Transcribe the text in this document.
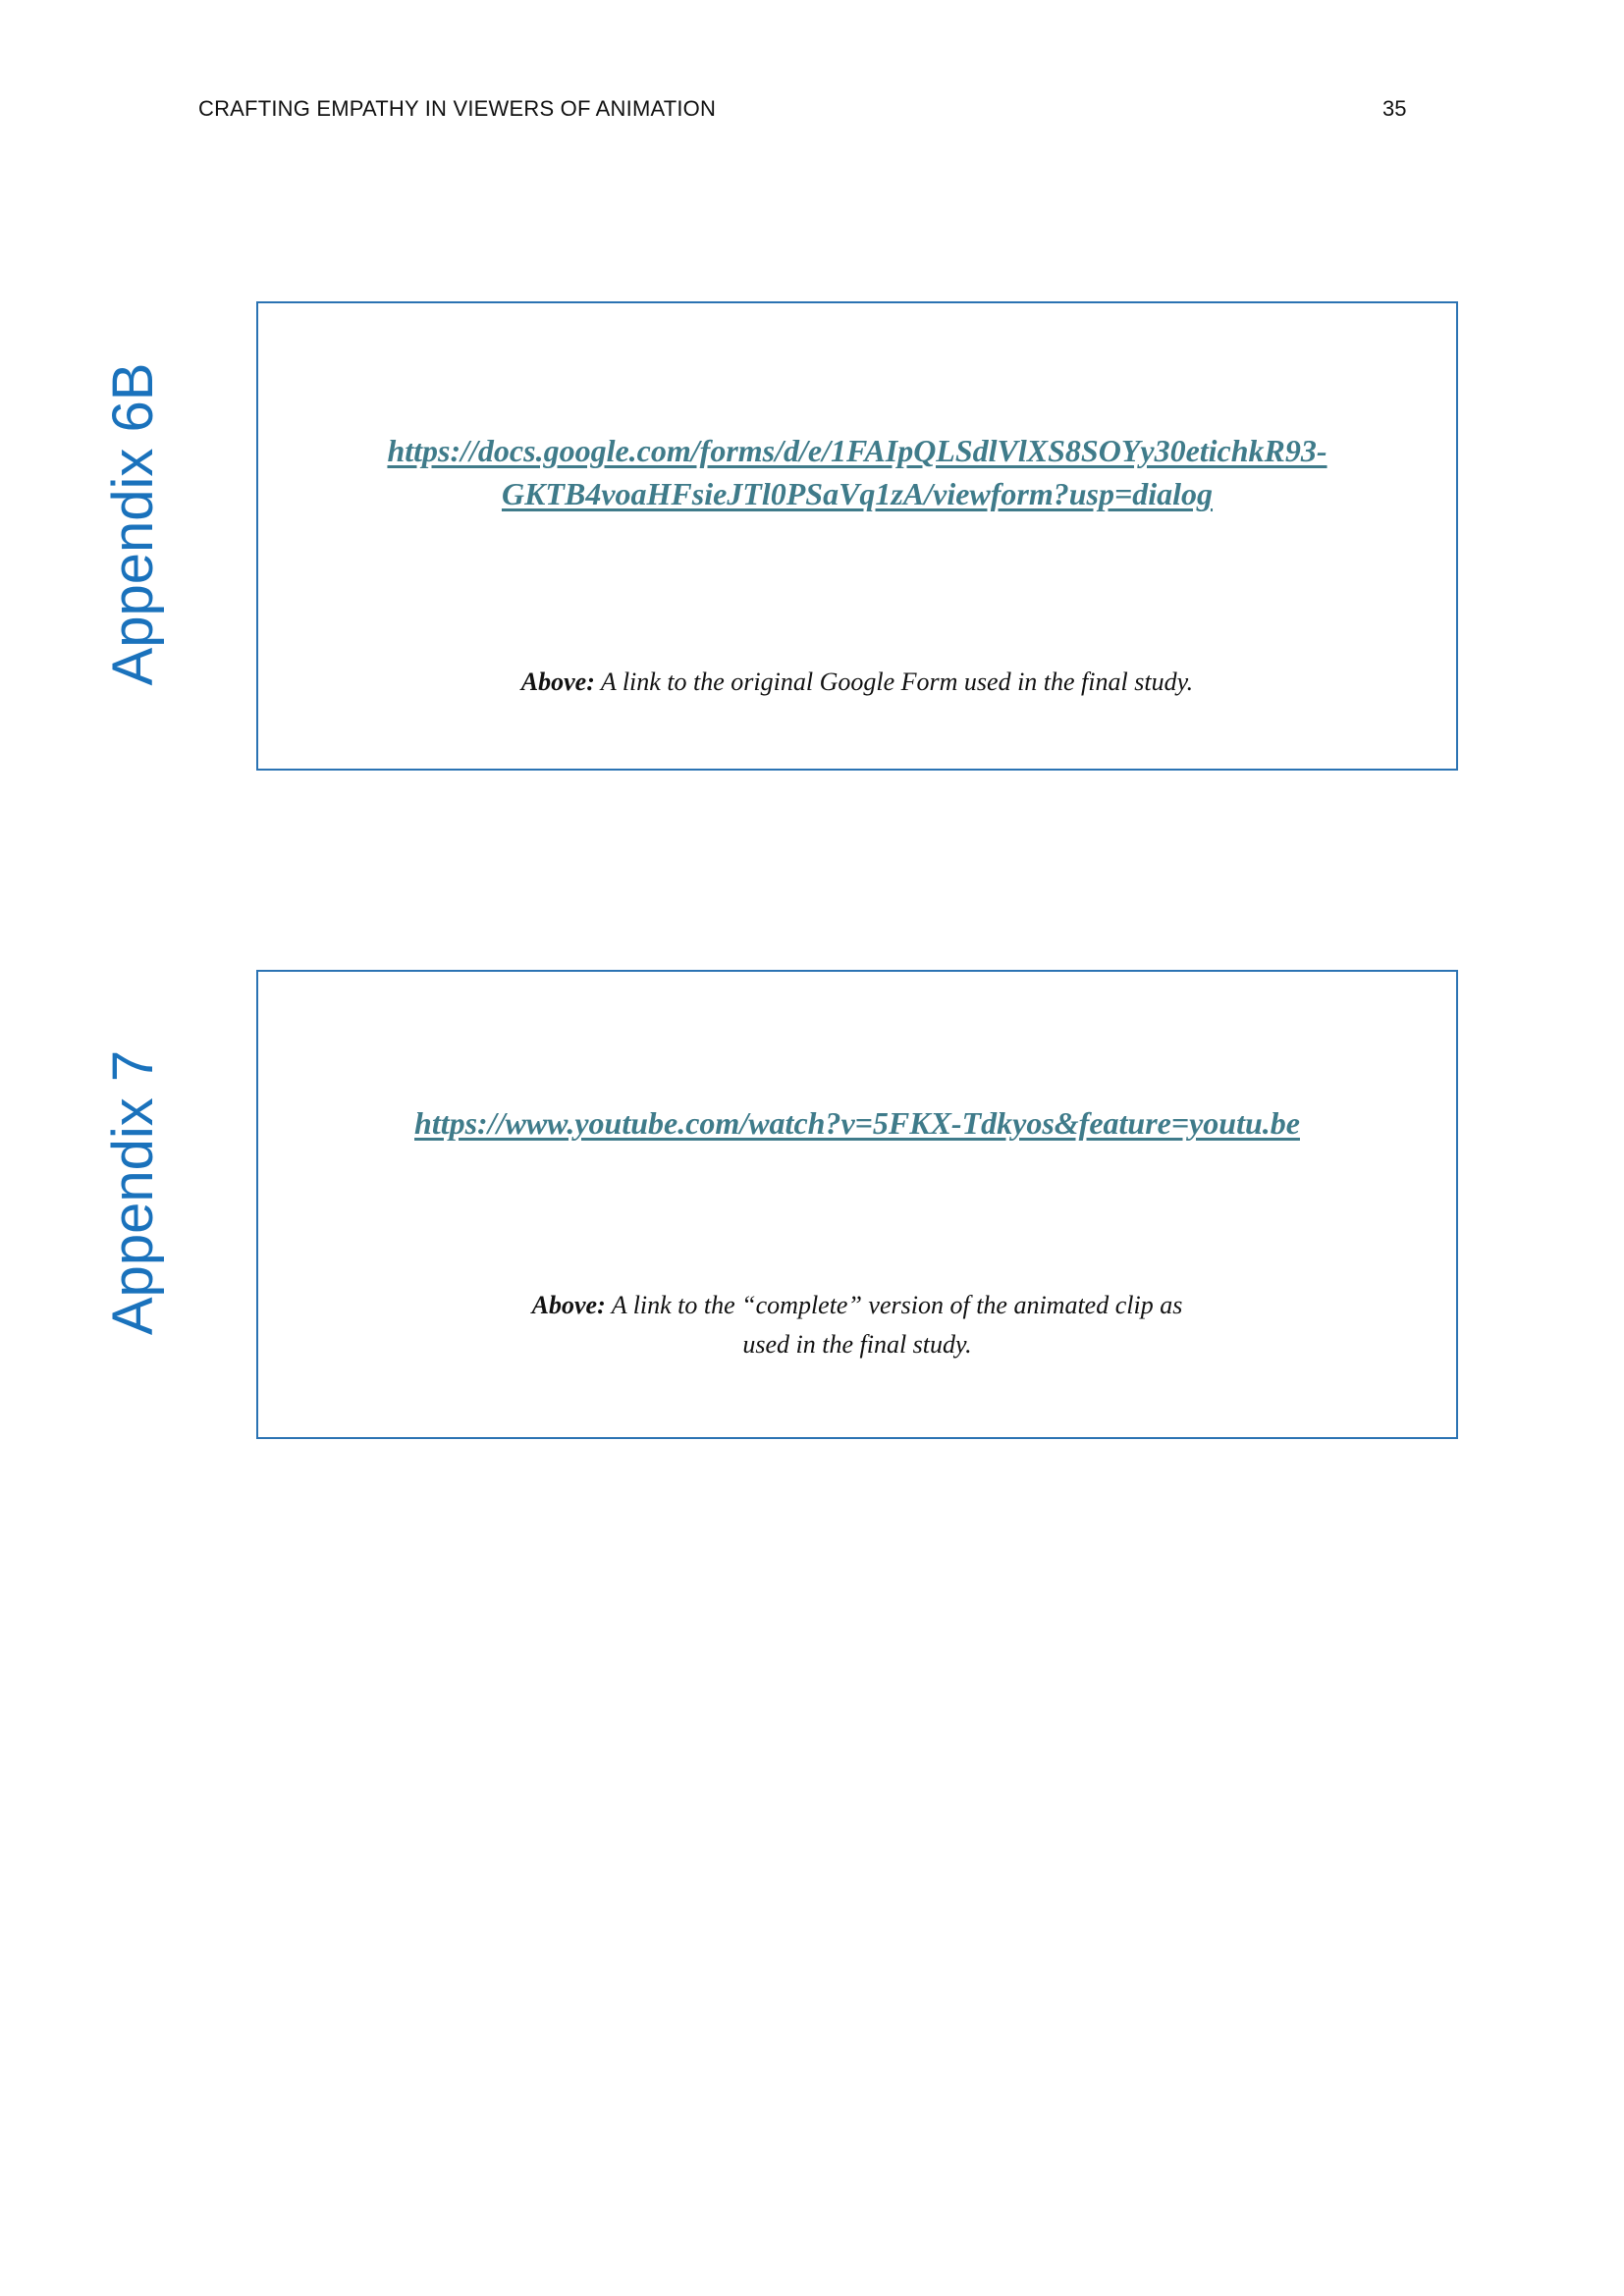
CRAFTING EMPATHY IN VIEWERS OF ANIMATION	35
Appendix 6B	https://docs.google.com/forms/d/e/1FAIpQLSdlVlXS8SOYy30etichkR93-
GKTB4voaHFsieJTl0PSaVq1zA/viewform?usp=dialog
Above: A link to the original Google Form used in the final study.
Appendix 7	https://www.youtube.com/watch?v=5FKX-Tdkyos&feature=youtu.be
Above: A link to the “complete” version of the animated clip as
used in the final study.
